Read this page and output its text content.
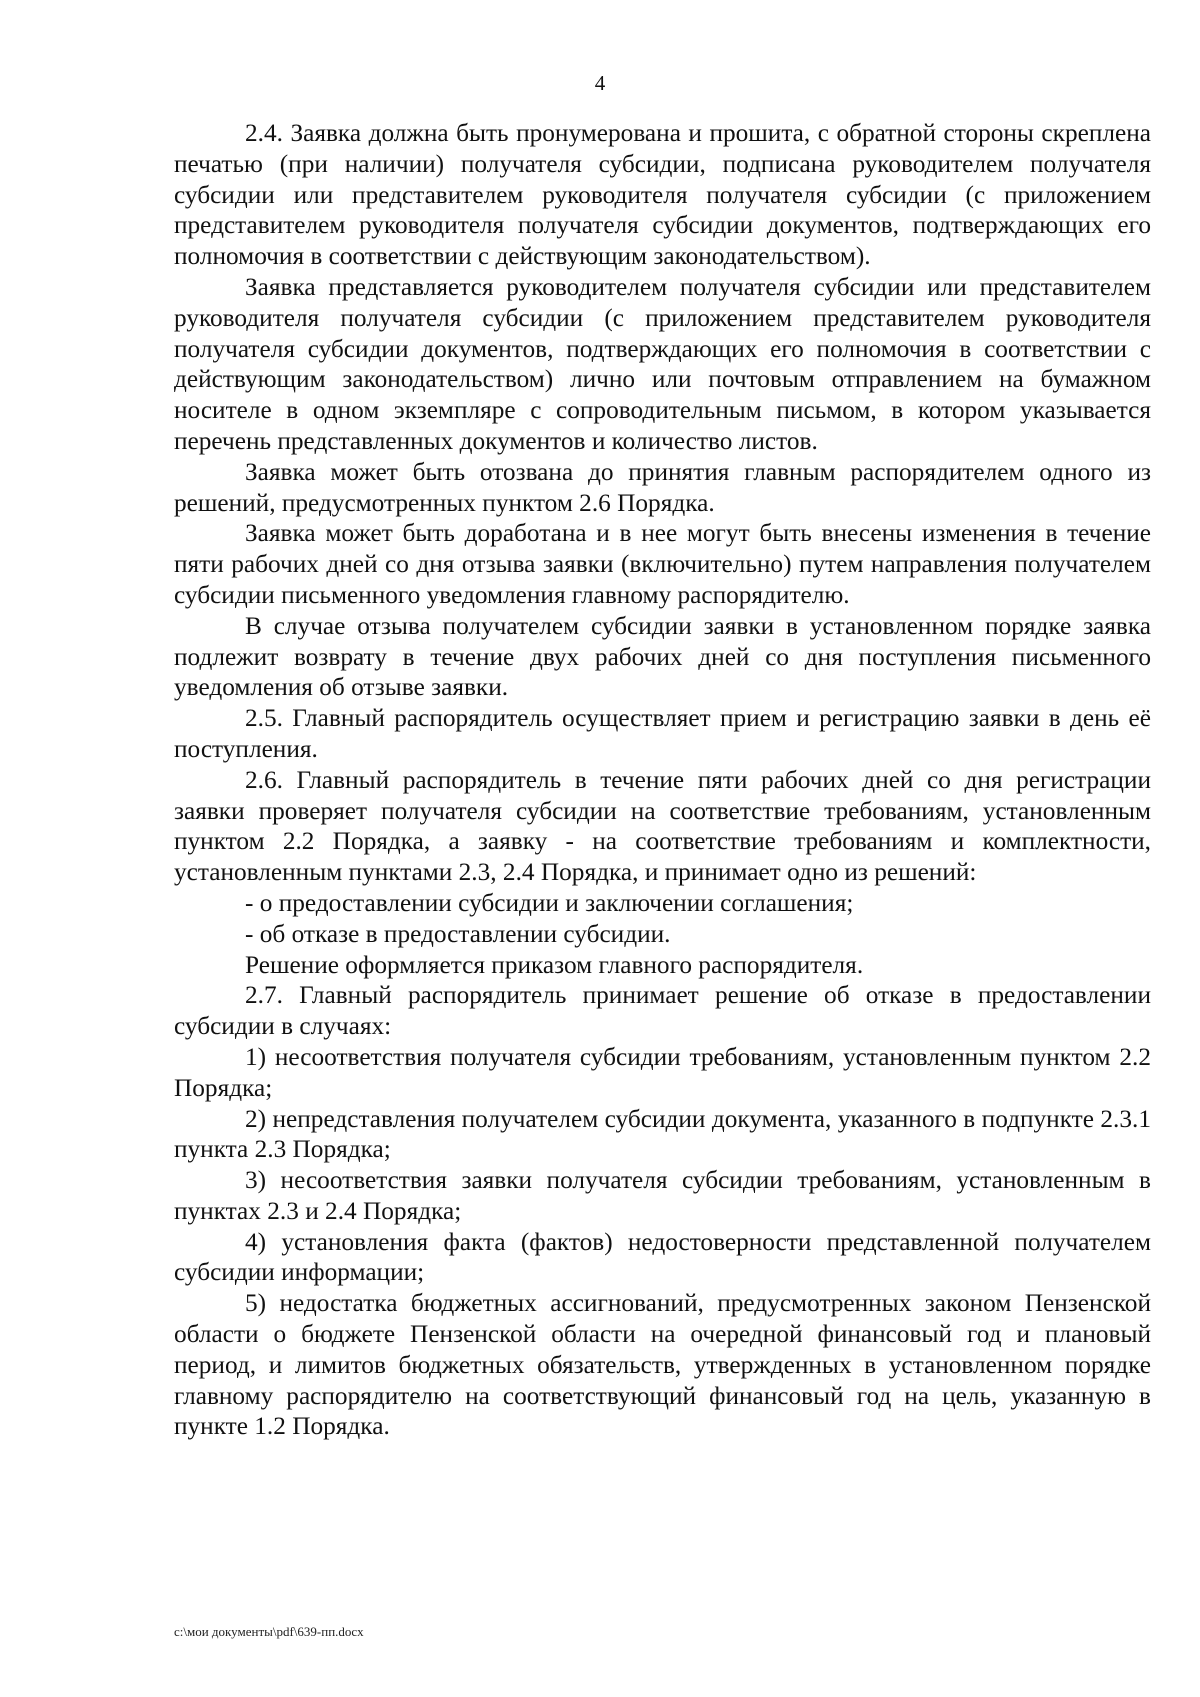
4

2.4. Заявка должна быть пронумерована и прошита, с обратной стороны скреплена печатью (при наличии) получателя субсидии, подписана руководителем получателя субсидии или представителем руководителя получателя субсидии (с приложением представителем руководителя получателя субсидии документов, подтверждающих его полномочия в соответствии с действующим законодательством).

Заявка представляется руководителем получателя субсидии или представителем руководителя получателя субсидии (с приложением представителем руководителя получателя субсидии документов, подтверждающих его полномочия в соответствии с действующим законодательством) лично или почтовым отправлением на бумажном носителе в одном экземпляре с сопроводительным письмом, в котором указывается перечень представленных документов и количество листов.

Заявка может быть отозвана до принятия главным распорядителем одного из решений, предусмотренных пунктом 2.6 Порядка.

Заявка может быть доработана и в нее могут быть внесены изменения в течение пяти рабочих дней со дня отзыва заявки (включительно) путем направления получателем субсидии письменного уведомления главному распорядителю.

В случае отзыва получателем субсидии заявки в установленном порядке заявка подлежит возврату в течение двух рабочих дней со дня поступления письменного уведомления об отзыве заявки.

2.5. Главный распорядитель осуществляет прием и регистрацию заявки в день её поступления.

2.6. Главный распорядитель в течение пяти рабочих дней со дня регистрации заявки проверяет получателя субсидии на соответствие требованиям, установленным пунктом 2.2 Порядка, а заявку - на соответствие требованиям и комплектности, установленным пунктами 2.3, 2.4 Порядка, и принимает одно из решений:

- о предоставлении субсидии и заключении соглашения;

- об отказе в предоставлении субсидии.

Решение оформляется приказом главного распорядителя.

2.7. Главный распорядитель принимает решение об отказе в предоставлении субсидии в случаях:

1) несоответствия получателя субсидии требованиям, установленным пунктом 2.2 Порядка;

2) непредставления получателем субсидии документа, указанного в подпункте 2.3.1 пункта 2.3 Порядка;

3) несоответствия заявки получателя субсидии требованиям, установленным в пунктах 2.3 и 2.4 Порядка;

4) установления факта (фактов) недостоверности представленной получателем субсидии информации;

5) недостатка бюджетных ассигнований, предусмотренных законом Пензенской области о бюджете Пензенской области на очередной финансовый год и плановый период, и лимитов бюджетных обязательств, утвержденных в установленном порядке главному распорядителю на соответствующий финансовый год на цель, указанную в пункте 1.2 Порядка.

c:\мои документы\pdf\639-пп.docx
